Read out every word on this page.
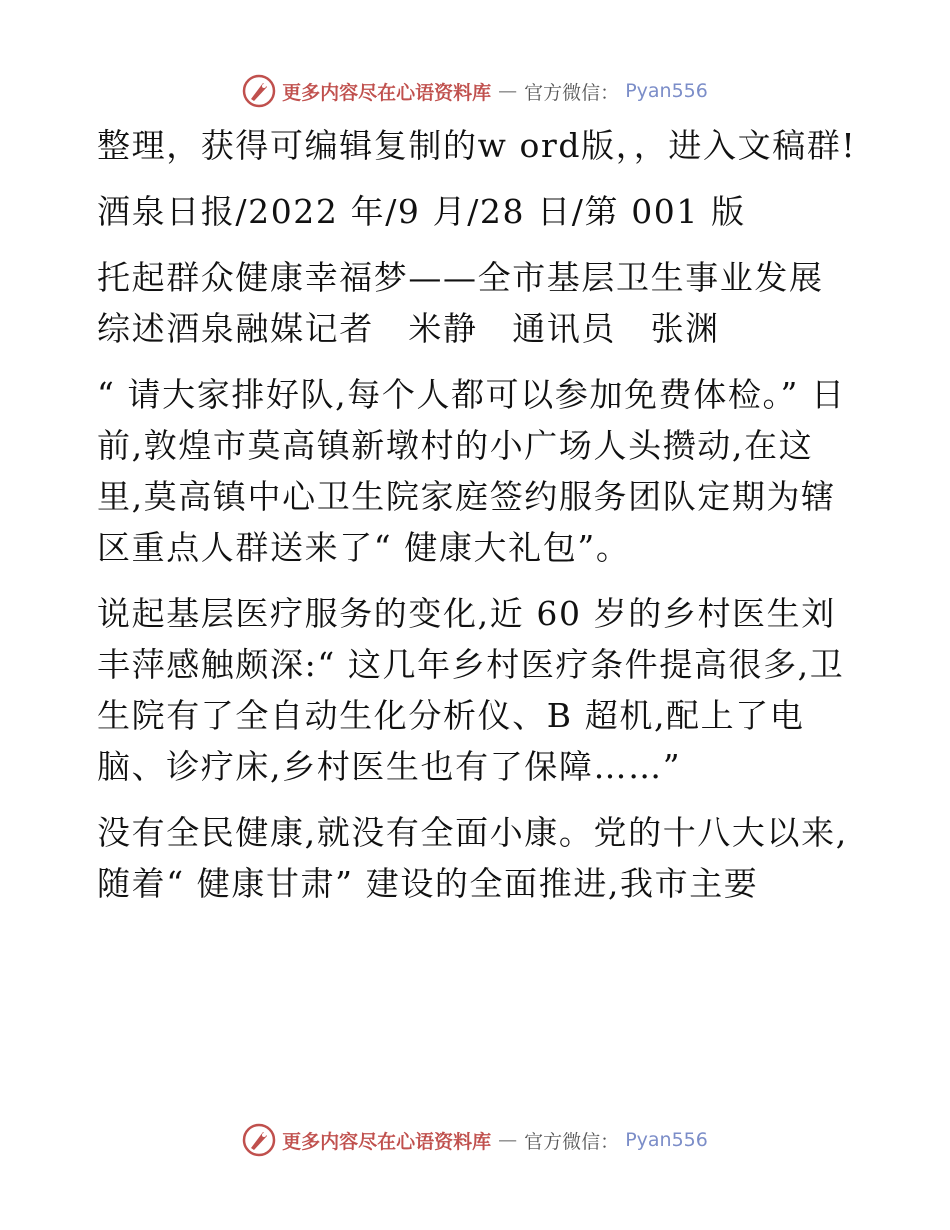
更多内容尽在心语资料库 — 官方微信： Pyan556

整理，获得可编辑复制的w ord版，，进入文稿群!

酒泉日报/2022 年/9 月/28 日/第 001 版

托起群众健康幸福梦——全市基层卫生事业发展综述酒泉融媒记者　米静　通讯员　张渊

“ 请大家排好队,每个人都可以参加免费体检。” 日前,敦煌市莫高镇新墩村的小广场人头攒动,在这里,莫高镇中心卫生院家庭签约服务团队定期为辖区重点人群送来了“ 健康大礼包”。

说起基层医疗服务的变化,近 60 岁的乡村医生刘丰萍感触颇深:“ 这几年乡村医疗条件提高很多,卫生院有了全自动生化分析仪、B 超机,配上了电脑、诊疗床,乡村医生也有了保障……”

没有全民健康,就没有全面小康。党的十八大以来,随着“ 健康甘肃” 建设的全面推进,我市主要

更多内容尽在心语资料库 — 官方微信： Pyan556
